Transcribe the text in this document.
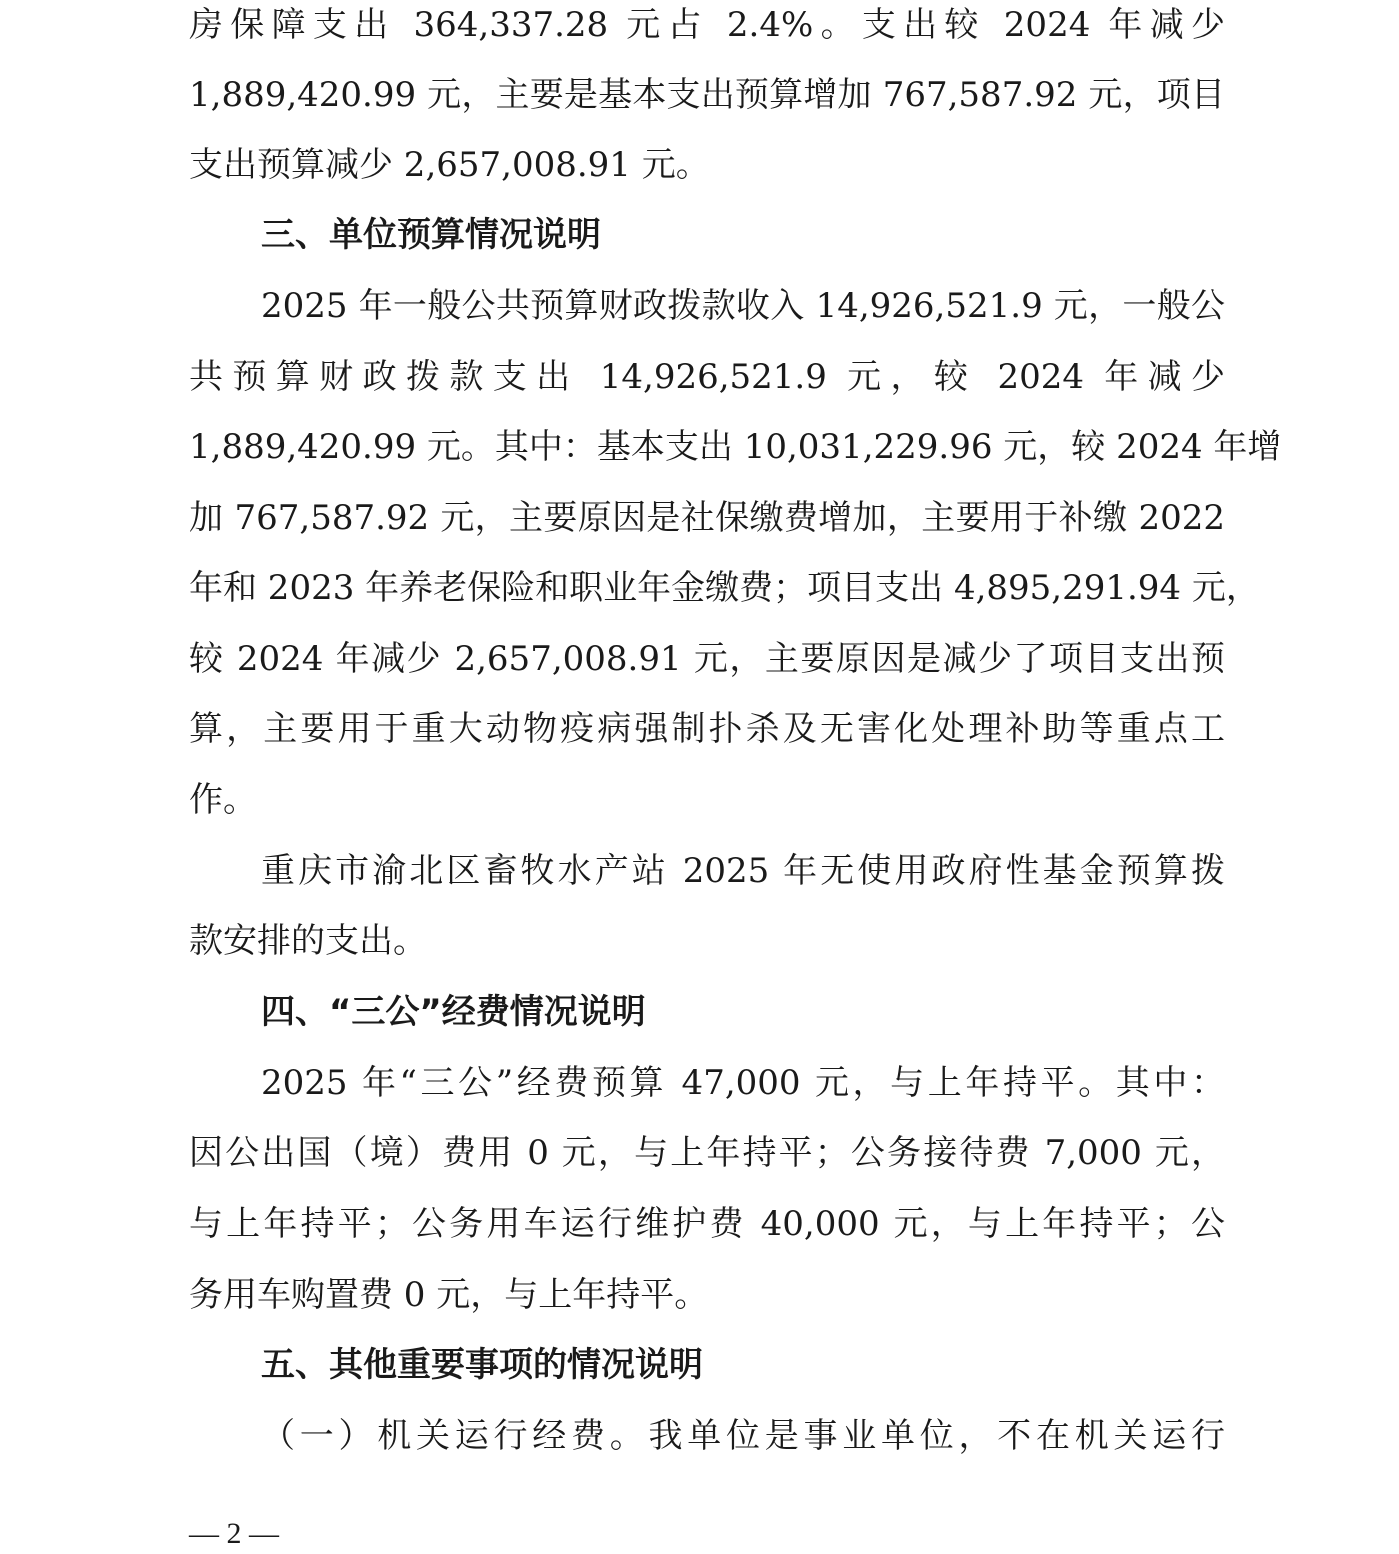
房保障支出 364,337.28 元占 2.4%。支出较 2024 年减少
1,889,420.99 元，主要是基本支出预算增加 767,587.92 元，项目
支出预算减少 2,657,008.91 元。
三、单位预算情况说明
2025 年一般公共预算财政拨款收入 14,926,521.9 元，一般公
共预算财政拨款支出 14,926,521.9 元，较 2024 年减少
1,889,420.99 元。其中：基本支出 10,031,229.96 元，较 2024 年增
加 767,587.92 元，主要原因是社保缴费增加，主要用于补缴 2022
年和 2023 年养老保险和职业年金缴费；项目支出 4,895,291.94 元，
较 2024 年减少 2,657,008.91 元，主要原因是减少了项目支出预
算，主要用于重大动物疫病强制扑杀及无害化处理补助等重点工
作。
重庆市渝北区畜牧水产站 2025 年无使用政府性基金预算拨
款安排的支出。
四、“三公”经费情况说明
2025 年“三公”经费预算 47,000 元，与上年持平。其中：
因公出国（境）费用 0 元，与上年持平；公务接待费 7,000 元，
与上年持平；公务用车运行维护费 40,000 元，与上年持平；公
务用车购置费 0 元，与上年持平。
五、其他重要事项的情况说明
（一）机关运行经费。我单位是事业单位，不在机关运行
— 2 —
